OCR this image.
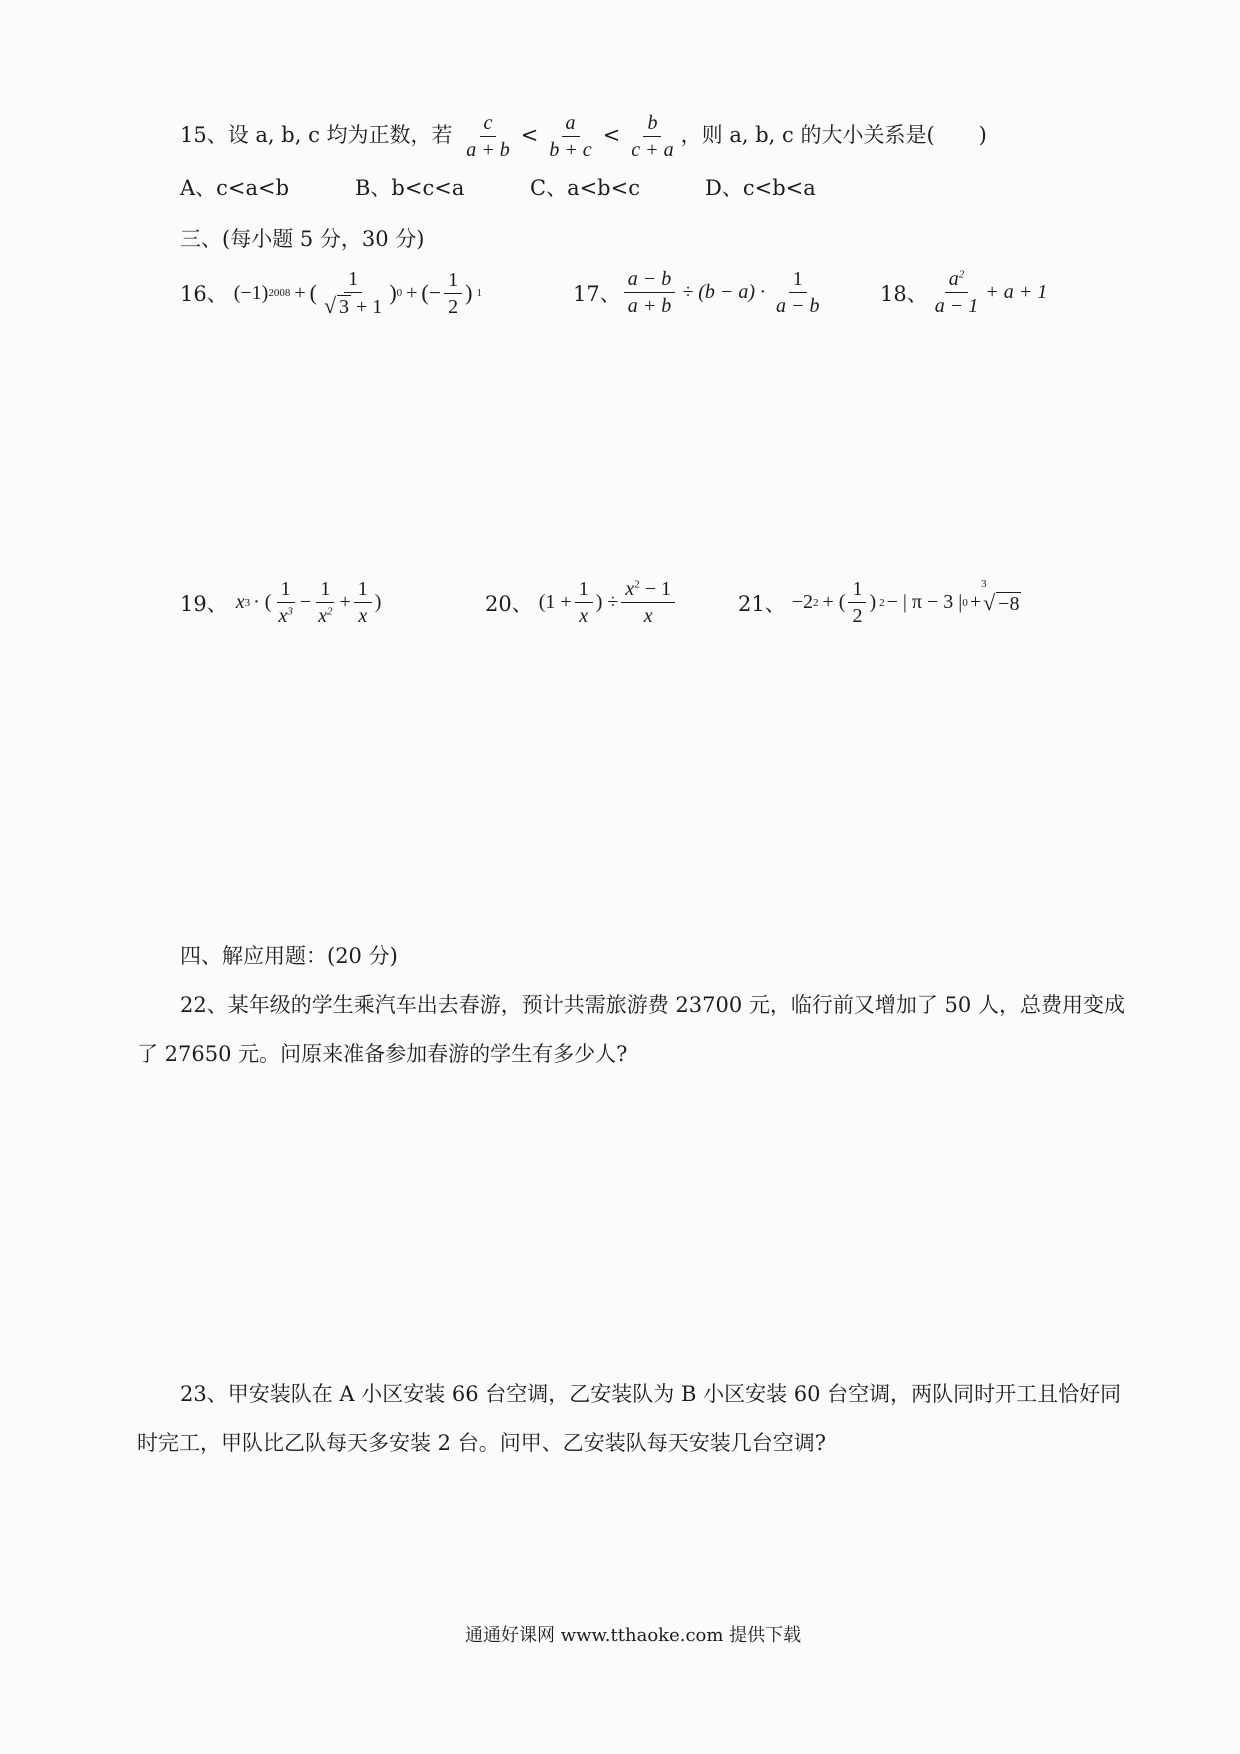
15、设 a, b, c 均为正数，若 $\frac{c}{a + b} < \frac{a}{b + c} < \frac{b}{c + a}$ ，则 a, b, c 的大小关系是( )
A、c<a<b	B、b<c<a	C、a<b<c	D、c<b<a
三、(每小题 5 分，30 分)
16、 (−1) 2008 + ( $\frac{1}{√ 3 + 1}$ ) 0 + (− $\frac{1}{2}$ ) 1	17、 $\frac{a - b}{a + b} \div (b - a) \cdot \frac{1}{a - b}$	18、 $\frac{a^2}{a - 1} + a + 1$
19、 x 3 · ( $\frac{1}{x^3} - \frac{1}{x^2} + \frac{1}{x}$ )	20、 ($1 + \frac{1}{x}$ ) ÷ $\frac{x^2 - 1}{x}$	21、 −2 2 + ( $\frac{1}{2}$ ) 2 − | π − 3 | 0 +
3
√ −8
四、解应用题：(20 分)
22、某年级的学生乘汽车出去春游，预计共需旅游费 23700 元，临行前又增加了 50 人，总费用变成
了 27650 元。问原来准备参加春游的学生有多少人?
23、甲安装队在 A 小区安装 66 台空调，乙安装队为 B 小区安装 60 台空调，两队同时开工且恰好同
时完工，甲队比乙队每天多安装 2 台。问甲、乙安装队每天安装几台空调?
通通好课网 www.tthaoke.com 提供下载
